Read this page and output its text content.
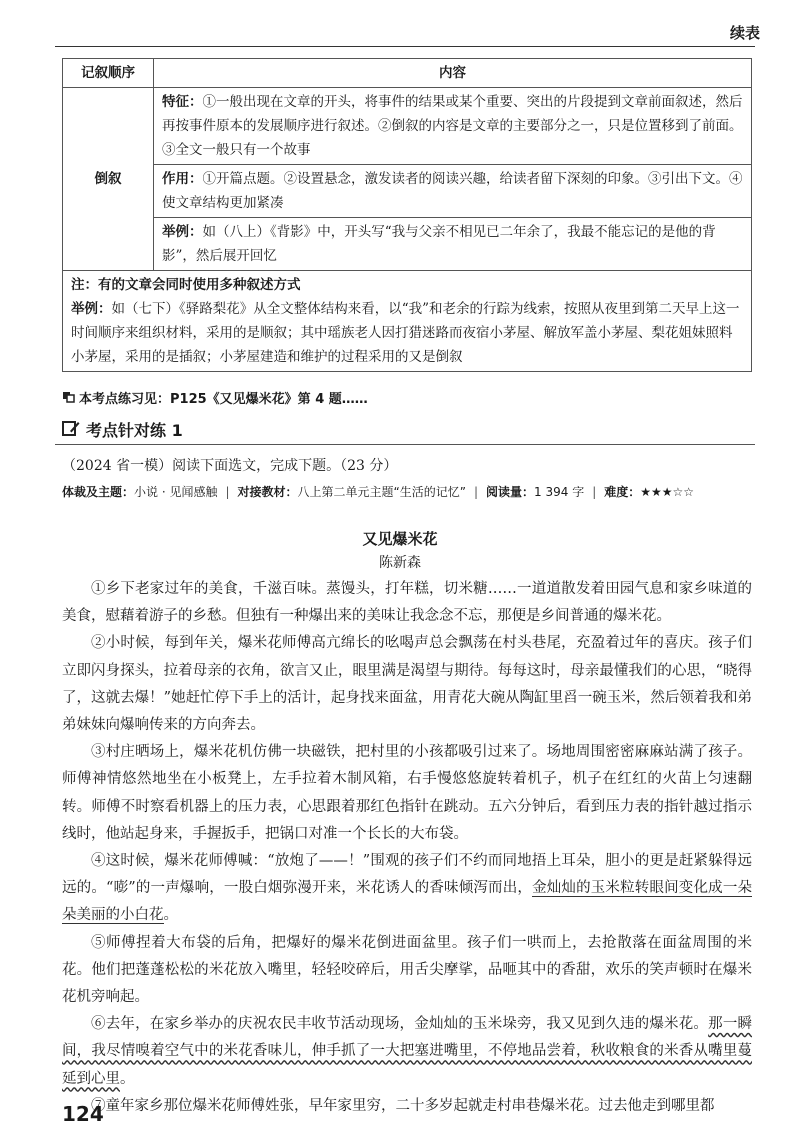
续表
记叙顺序	内容
倒叙	特征：①一般出现在文章的开头，将事件的结果或某个重要、突出的片段提到文章前面叙述，然后再按事件原本的发展顺序进行叙述。②倒叙的内容是文章的主要部分之一，只是位置移到了前面。③全文一般只有一个故事
	作用：①开篇点题。②设置悬念，激发读者的阅读兴趣，给读者留下深刻的印象。③引出下文。④使文章结构更加紧凑
	举例：如（八上）《背影》中，开头写“我与父亲不相见已二年余了，我最不能忘记的是他的背影”，然后展开回忆

注：有的文章会同时使用多种叙述方式
举例：如（七下）《驿路梨花》从全文整体结构来看，以“我”和老余的行踪为线索，按照从夜里到第二天早上这一时间顺序来组织材料，采用的是顺叙；其中瑶族老人因打猎迷路而夜宿小茅屋、解放军盖小茅屋、梨花姐妹照料小茅屋，采用的是插叙；小茅屋建造和维护的过程采用的又是倒叙	
本考点练习见：P125《又见爆米花》第 4 题……
考点针对练 1
（2024 省一模）阅读下面选文，完成下题。（23 分）
体裁及主题：小说 · 见闻感触 | 对接教材：八上第二单元主题“生活的记忆” | 阅读量：1 394 字 | 难度：★★★☆☆
又见爆米花
陈新森

①乡下老家过年的美食，千滋百味。蒸馒头，打年糕，切米糖……一道道散发着田园气息和家乡味道的美食，慰藉着游子的乡愁。但独有一种爆出来的美味让我念念不忘，那便是乡间普通的爆米花。

②小时候，每到年关，爆米花师傅高亢绵长的吆喝声总会飘荡在村头巷尾，充盈着过年的喜庆。孩子们立即闪身探头，拉着母亲的衣角，欲言又止，眼里满是渴望与期待。每每这时，母亲最懂我们的心思，“晓得了，这就去爆！”她赶忙停下手上的活计，起身找来面盆，用青花大碗从陶缸里舀一碗玉米，然后领着我和弟弟妹妹向爆响传来的方向奔去。

③村庄晒场上，爆米花机仿佛一块磁铁，把村里的小孩都吸引过来了。场地周围密密麻麻站满了孩子。师傅神情悠然地坐在小板凳上，左手拉着木制风箱，右手慢悠悠旋转着机子，机子在红红的火苗上匀速翻转。师傅不时察看机器上的压力表，心思跟着那红色指针在跳动。五六分钟后，看到压力表的指针越过指示线时，他站起身来，手握扳手，把锅口对准一个长长的大布袋。

④这时候，爆米花师傅喊：“放炮了——！”围观的孩子们不约而同地捂上耳朵，胆小的更是赶紧躲得远远的。“嘭”的一声爆响，一股白烟弥漫开来，米花诱人的香味倾泻而出，金灿灿的玉米粒转眼间变化成一朵朵美丽的小白花。

⑤师傅捏着大布袋的后角，把爆好的爆米花倒进面盆里。孩子们一哄而上，去抢散落在面盆周围的米花。他们把蓬蓬松松的米花放入嘴里，轻轻咬碎后，用舌尖摩挲，品咂其中的香甜，欢乐的笑声顿时在爆米花机旁响起。

⑥去年，在家乡举办的庆祝农民丰收节活动现场，金灿灿的玉米垛旁，我又见到久违的爆米花。那一瞬间，我尽情嗅着空气中的米花香味儿，伸手抓了一大把塞进嘴里，不停地品尝着，秋收粮食的米香从嘴里蔓延到心里。

⑦童年家乡那位爆米花师傅姓张，早年家里穷，二十多岁起就走村串巷爆米花。过去他走到哪里都

124
